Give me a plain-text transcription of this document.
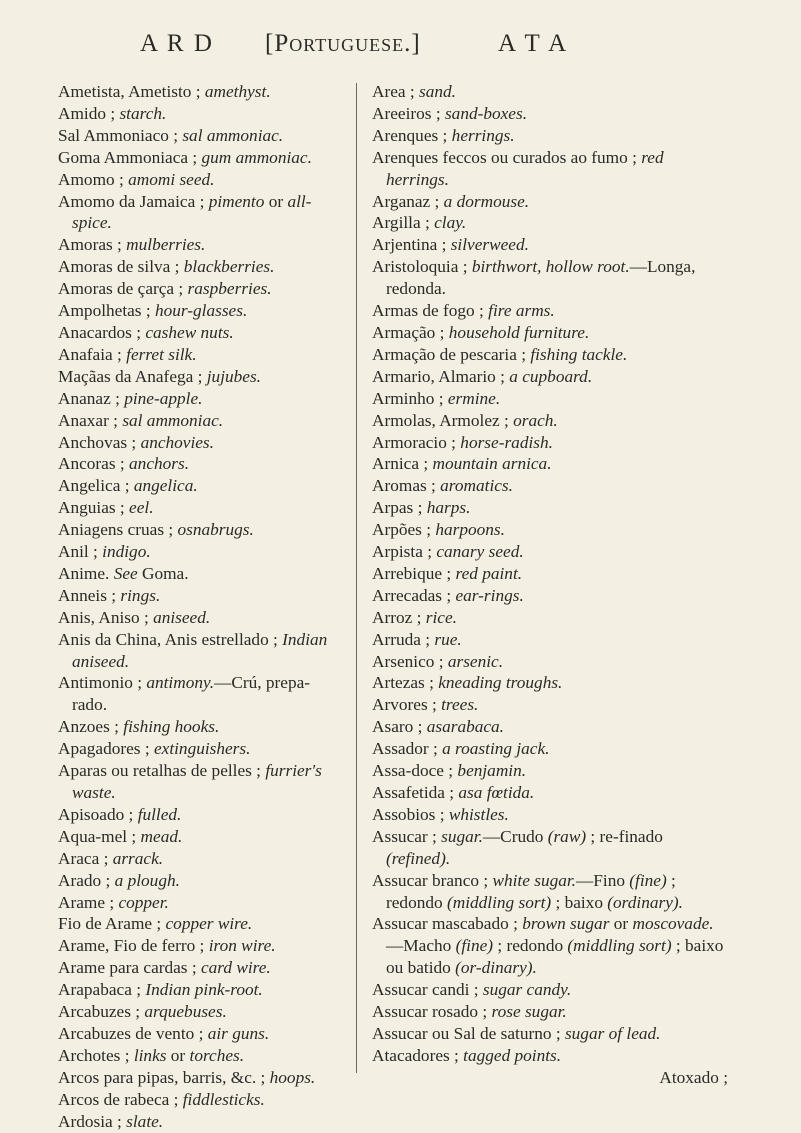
A R D [Portuguese.]	A T A
Ametista, Ametisto ; amethyst.
Amido ; starch.
Sal Ammoniaco ; sal ammoniac.
Goma Ammoniaca ; gum ammoniac.
Amomo ; amomi seed.
Amomo da Jamaica ; pimento or all-spice.
Amoras ; mulberries.
Amoras de silva ; blackberries.
Amoras de çarça ; raspberries.
Ampolhetas ; hour-glasses.
Anacardos ; cashew nuts.
Anafaia ; ferret silk.
Maçãas da Anafega ; jujubes.
Ananaz ; pine-apple.
Anaxar ; sal ammoniac.
Anchovas ; anchovies.
Ancoras ; anchors.
Angelica ; angelica.
Anguias ; eel.
Aniagens cruas ; osnabrugs.
Anil ; indigo.
Anime. See Goma.
Anneis ; rings.
Anis, Aniso ; aniseed.
Anis da China, Anis estrellado ; Indian aniseed.
Antimonio ; antimony.—Crú, prepa-rado.
Anzoes ; fishing hooks.
Apagadores ; extinguishers.
Aparas ou retalhas de pelles ; furrier's waste.
Apisoado ; fulled.
Aqua-mel ; mead.
Araca ; arrack.
Arado ; a plough.
Arame ; copper.
Fio de Arame ; copper wire.
Arame, Fio de ferro ; iron wire.
Arame para cardas ; card wire.
Arapabaca ; Indian pink-root.
Arcabuzes ; arquebuses.
Arcabuzes de vento ; air guns.
Archotes ; links or torches.
Arcos para pipas, barris, &c. ; hoops.
Arcos de rabeca ; fiddlesticks.
Ardosia ; slate.
Area ; sand.
Areeiros ; sand-boxes.
Arenques ; herrings.
Arenques feccos ou curados ao fumo ; red herrings.
Arganaz ; a dormouse.
Argilla ; clay.
Arjentina ; silverweed.
Aristoloquia ; birthwort, hollow root.—Longa, redonda.
Armas de fogo ; fire arms.
Armação ; household furniture.
Armação de pescaria ; fishing tackle.
Armario, Almario ; a cupboard.
Arminho ; ermine.
Armolas, Armolez ; orach.
Armoracio ; horse-radish.
Arnica ; mountain arnica.
Aromas ; aromatics.
Arpas ; harps.
Arpões ; harpoons.
Arpista ; canary seed.
Arrebique ; red paint.
Arrecadas ; ear-rings.
Arroz ; rice.
Arruda ; rue.
Arsenico ; arsenic.
Artezas ; kneading troughs.
Arvores ; trees.
Asaro ; asarabaca.
Assador ; a roasting jack.
Assa-doce ; benjamin.
Assafetida ; asa fœtida.
Assobios ; whistles.
Assucar ; sugar.—Crudo (raw) ; re-finado (refined).
Assucar branco ; white sugar.—Fino (fine) ; redondo (middling sort) ; baixo (ordinary).
Assucar mascabado ; brown sugar or moscovade.—Macho (fine) ; redondo (middling sort) ; baixo ou batido (or-dinary).
Assucar candi ; sugar candy.
Assucar rosado ; rose sugar.
Assucar ou Sal de saturno ; sugar of lead.
Atacadores ; tagged points.
Atoxado ;
